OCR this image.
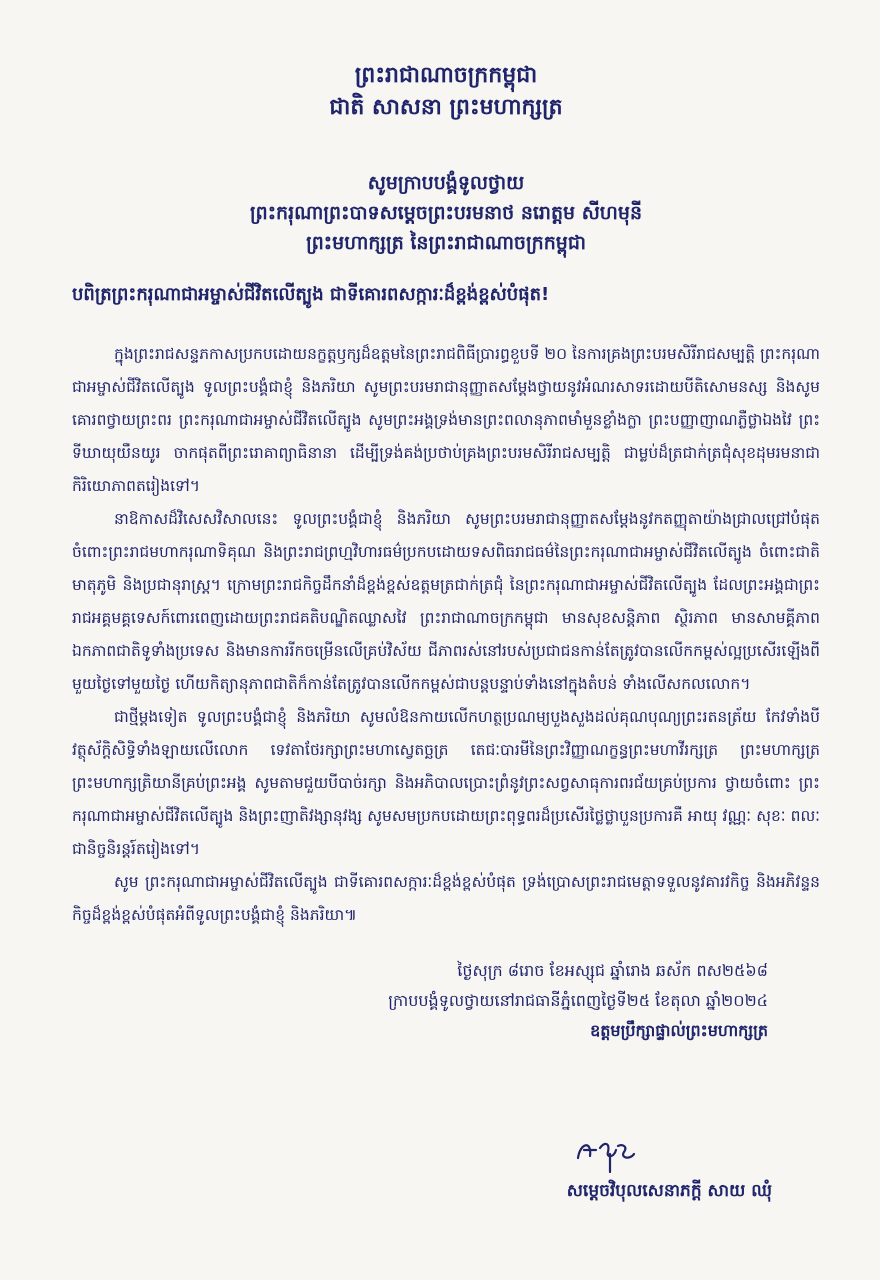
ព្រះរាជាណាចក្រកម្ពុជា

ជាតិ សាសនា ព្រះមហាក្សត្រ

សូមក្រាបបង្គំទូលថ្វាយ

ព្រះករុណាព្រះបាទសម្តេចព្រះបរមនាថ នរោត្តម សីហមុនី

ព្រះមហាក្សត្រ នៃព្រះរាជាណាចក្រកម្ពុជា

បពិត្រព្រះករុណាជាអម្ចាស់ជីវិតលើត្បូង ជាទីគោរពសក្ការៈដ៏ខ្ពង់ខ្ពស់បំផុត!

ក្នុងព្រះរាជសន្ទភកាសប្រកបដោយនក្ខត្តឫក្សដ៏ឧត្តមនៃព្រះរាជពិធីប្រារព្ធខួបទី ២០ នៃការគ្រងព្រះបរមសិរីរាជសម្បត្តិ ព្រះករុណាជាអម្ចាស់ជីវិតលើត្បូង ទូលព្រះបង្គំជាខ្ញុំ និងភរិយា សូមព្រះបរមរាជានុញ្ញាតសម្តែងថ្វាយនូវអំណរសាទរដោយបីតិសោមនស្ស និងសូមគោរពថ្វាយព្រះពរ ព្រះករុណាជាអម្ចាស់ជីវិតលើត្បូង សូមព្រះអង្គទ្រង់មានព្រះពលានុភាពមាំមួនខ្លាំងក្លា ព្រះបញ្ញាញាណភ្លឺថ្លាឯងវៃ ព្រះទីឃាយុយឺនយូរ ចាកផុតពីព្រះរោគាព្យាធិនានា ដើម្បីទ្រង់គង់ប្រថាប់គ្រងព្រះបរមសិរីរាជសម្បត្តិ ជាម្លប់ដ៏ត្រជាក់ត្រជុំសុខដុមរមនាជាកិរិយោភាពតរៀងទៅ។

នាឱកាសដ៏វិសេសវិសាលនេះ ទូលព្រះបង្គំជាខ្ញុំ និងភរិយា សូមព្រះបរមរាជានុញ្ញាតសម្តែងនូវកតញ្ញុតាយ៉ាងជ្រាលជ្រៅបំផុតចំពោះព្រះរាជមហាករុណាទិគុណ និងព្រះរាជព្រហ្មវិហារធម៌ប្រកបដោយទសពិធរាជធម៌នៃព្រះករុណាជាអម្ចាស់ជីវិតលើត្បូង ចំពោះជាតិមាតុភូមិ និងប្រជានុរាស្ត្រ។ ក្រោមព្រះរាជកិច្ចដឹកនាំដ៏ខ្ពង់ខ្ពស់ឧត្តមត្រជាក់ត្រជុំ នៃព្រះករុណាជាអម្ចាស់ជីវិតលើត្បូង ដែលព្រះអង្គជាព្រះរាជអគ្គមគ្គទេសក៍ពោរពេញដោយព្រះរាជគតិបណ្ឌិតឈ្លាសវៃ ព្រះរាជាណាចក្រកម្ពុជា មានសុខសន្តិភាព ស្ថិរភាព មានសាមគ្គីភាព ឯកភាពជាតិទូទាំងប្រទេស និងមានការរីកចម្រើនលើគ្រប់វិស័យ ជីភាពរស់នៅរបស់ប្រជាជនកាន់តែត្រូវបានលើកកម្ពស់ល្អប្រសើរឡើងពីមួយថ្ងៃទៅមួយថ្ងៃ ហើយកិត្យានុភាពជាតិក៏កាន់តែត្រូវបានលើកកម្ពស់ជាបន្តបន្ទាប់ទាំងនៅក្នុងតំបន់ ទាំងលើសកលលោក។

ជាថ្មីម្តងទៀត ទូលព្រះបង្គំជាខ្ញុំ និងភរិយា សូមលំឱនកាយលើកហត្ថប្រណម្យបួងសួងដល់គុណបុណ្យព្រះរតនត្រ័យ កែវទាំងបី វត្ថុស័ក្តិសិទ្ធិទាំងឡាយលើលោក ទេវតាថែរក្សាព្រះមហាស្វេតច្ឆត្រ តេជៈបារមីនៃព្រះវិញ្ញាណក្ខន្ធព្រះមហាវីរក្សត្រ ព្រះមហាក្សត្រ ព្រះមហាក្សត្រិយានីគ្រប់ព្រះអង្គ សូមតាមជួយបីបាច់រក្សា និងអភិបាលប្រោះព្រំនូវព្រះសព្វសាធុការពរជ័យគ្រប់ប្រការ ថ្វាយចំពោះ ព្រះករុណាជាអម្ចាស់ជីវិតលើត្បូង និងព្រះញាតិវង្សានុវង្ស សូមសមប្រកបដោយព្រះពុទ្ធពរដ៏ប្រសើរថ្លៃថ្លាបួនប្រការគឺ អាយុ វណ្ណៈ សុខៈ ពលៈជានិច្ចនិរន្តរ៍តរៀងទៅ។

សូម ព្រះករុណាជាអម្ចាស់ជីវិតលើត្បូង ជាទីគោរពសក្ការៈដ៏ខ្ពង់ខ្ពស់បំផុត ទ្រង់ប្រោសព្រះរាជមេត្តាទទួលនូវគារវកិច្ច និងអភិវន្ទនកិច្ចដ៏ខ្ពង់ខ្ពស់បំផុតអំពីទូលព្រះបង្គំជាខ្ញុំ និងភរិយា៕

ថ្ងៃសុក្រ ៨រោច ខែអស្សុជ ឆ្នាំរោង ឆស័ក ពស២៥៦៨
ក្រាបបង្គំទូលថ្វាយនៅរាជធានីភ្នំពេញថ្ងៃទី២៥ ខែតុលា ឆ្នាំ២០២៤
ឧត្តមប្រឹក្សាផ្ទាល់ព្រះមហាក្សត្រ
សម្តេចវិបុលសេនាភក្តី សាយ ឈុំ
